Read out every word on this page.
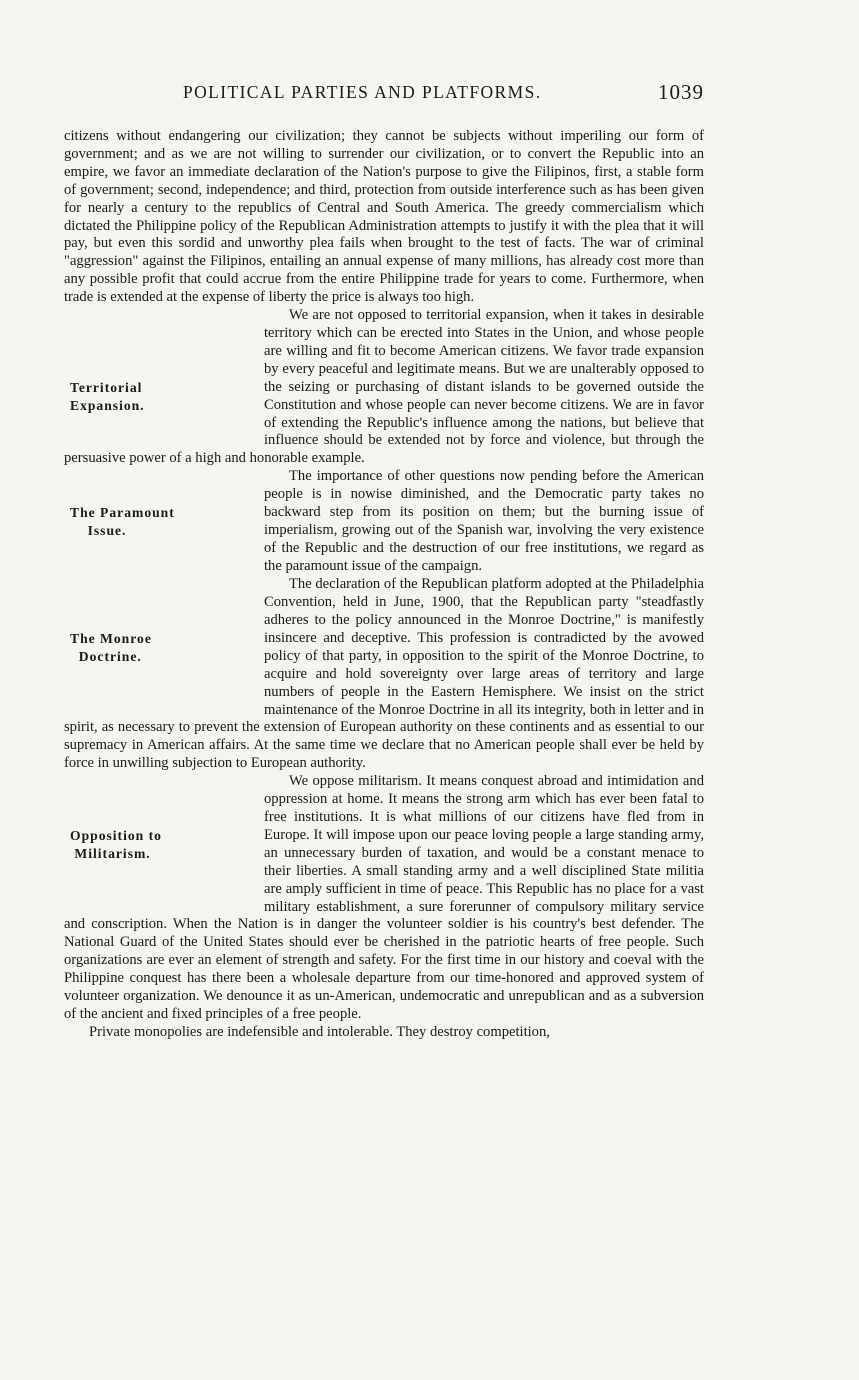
POLITICAL PARTIES AND PLATFORMS.	1039

citizens without endangering our civilization; they cannot be subjects without imperiling our form of government; and as we are not willing to surrender our civilization, or to convert the Republic into an empire, we favor an immediate declaration of the Nation's purpose to give the Filipinos, first, a stable form of government; second, independence; and third, protection from outside interference such as has been given for nearly a century to the republics of Central and South America. The greedy commercialism which dictated the Philippine policy of the Republican Administration attempts to justify it with the plea that it will pay, but even this sordid and unworthy plea fails when brought to the test of facts. The war of criminal "aggression" against the Filipinos, entailing an annual expense of many millions, has already cost more than any possible profit that could accrue from the entire Philippine trade for years to come. Furthermore, when trade is extended at the expense of liberty the price is always too high.

Territorial
Expansion.

We are not opposed to territorial expansion, when it takes in desirable territory which can be erected into States in the Union, and whose people are willing and fit to become American citizens. We favor trade expansion by every peaceful and legitimate means. But we are unalterably opposed to the seizing or purchasing of distant islands to be governed outside the Constitution and whose people can never become citizens. We are in favor of extending the Republic's influence among the nations, but believe that influence should be extended not by force and violence, but through the persuasive power of a high and honorable example.

The Paramount
Issue.

The importance of other questions now pending before the American people is in nowise diminished, and the Democratic party takes no backward step from its position on them; but the burning issue of imperialism, growing out of the Spanish war, involving the very existence of the Republic and the destruction of our free institutions, we regard as the paramount issue of the campaign.

The Monroe
Doctrine.

The declaration of the Republican platform adopted at the Philadelphia Convention, held in June, 1900, that the Republican party "steadfastly adheres to the policy announced in the Monroe Doctrine," is manifestly insincere and deceptive. This profession is contradicted by the avowed policy of that party, in opposition to the spirit of the Monroe Doctrine, to acquire and hold sovereignty over large areas of territory and large numbers of people in the Eastern Hemisphere. We insist on the strict maintenance of the Monroe Doctrine in all its integrity, both in letter and in spirit, as necessary to prevent the extension of European authority on these continents and as essential to our supremacy in American affairs. At the same time we declare that no American people shall ever be held by force in unwilling subjection to European authority.

Opposition to
Militarism.

We oppose militarism. It means conquest abroad and intimidation and oppression at home. It means the strong arm which has ever been fatal to free institutions. It is what millions of our citizens have fled from in Europe. It will impose upon our peace loving people a large standing army, an unnecessary burden of taxation, and would be a constant menace to their liberties. A small standing army and a well disciplined State militia are amply sufficient in time of peace. This Republic has no place for a vast military establishment, a sure forerunner of compulsory military service and conscription. When the Nation is in danger the volunteer soldier is his country's best defender. The National Guard of the United States should ever be cherished in the patriotic hearts of free people. Such organizations are ever an element of strength and safety. For the first time in our history and coeval with the Philippine conquest has there been a wholesale departure from our time-honored and approved system of volunteer organization. We denounce it as un-American, undemocratic and unrepublican and as a subversion of the ancient and fixed principles of a free people.

Private monopolies are indefensible and intolerable. They destroy competition,
